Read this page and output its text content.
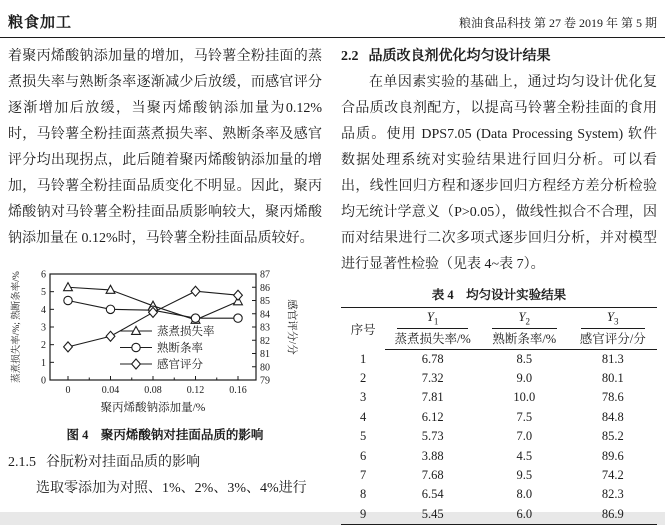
粮食加工	粮油食品科技 第 27 卷 2019 年 第 5 期

着聚丙烯酸钠添加量的增加，马铃薯全粉挂面的蒸煮损失率与熟断条率逐渐减少后放缓，而感官评分逐渐增加后放缓，当聚丙烯酸钠添加量为0.12%时，马铃薯全粉挂面蒸煮损失率、熟断条率及感官评分均出现拐点，此后随着聚丙烯酸钠添加量的增加，马铃薯全粉挂面品质变化不明显。因此，聚丙烯酸钠对马铃薯全粉挂面品质影响较大，聚丙烯酸钠添加量在 0.12%时，马铃薯全粉挂面品质较好。

0
1
2
3
4
5
6
79
80
81
82
83
84
85
86
87
0	0.04	0.08	0.12	0.16
蒸煮损失率
熟断条率
感官评分
聚丙烯酸钠添加量/%
蒸煮损失率/%; 熟断条率/%	感官评分/分
图 4　聚丙烯酸钠对挂面品质的影响
2.1.5 谷朊粉对挂面品质的影响

选取零添加为对照、1%、2%、3%、4%进行

2.2 品质改良剂优化均匀设计结果

在单因素实验的基础上，通过均匀设计优化复合品质改良剂配方，以提高马铃薯全粉挂面的食用品质。使用 DPS7.05 (Data Processing System) 软件数据处理系统对实验结果进行回归分析。可以看出，线性回归方程和逐步回归方程经方差分析检验均无统计学意义（P>0.05），做线性拟合不合理，因而对结果进行二次多项式逐步回归分析，并对模型进行显著性检验（见表 4~表 7）。

表 4　均匀设计实验结果
序号	$Y_1$	$Y_2$	$Y_3$

	蒸煮损失率/%	熟断条率/%	感官评分/分
1	6.78	8.5	81.3
2	7.32	9.0	80.1
3	7.81	10.0	78.6
4	6.12	7.5	84.8
5	5.73	7.0	85.2
6	3.88	4.5	89.6
7	7.68	9.5	74.2
8	6.54	8.0	82.3
9	5.45	6.0	86.9
